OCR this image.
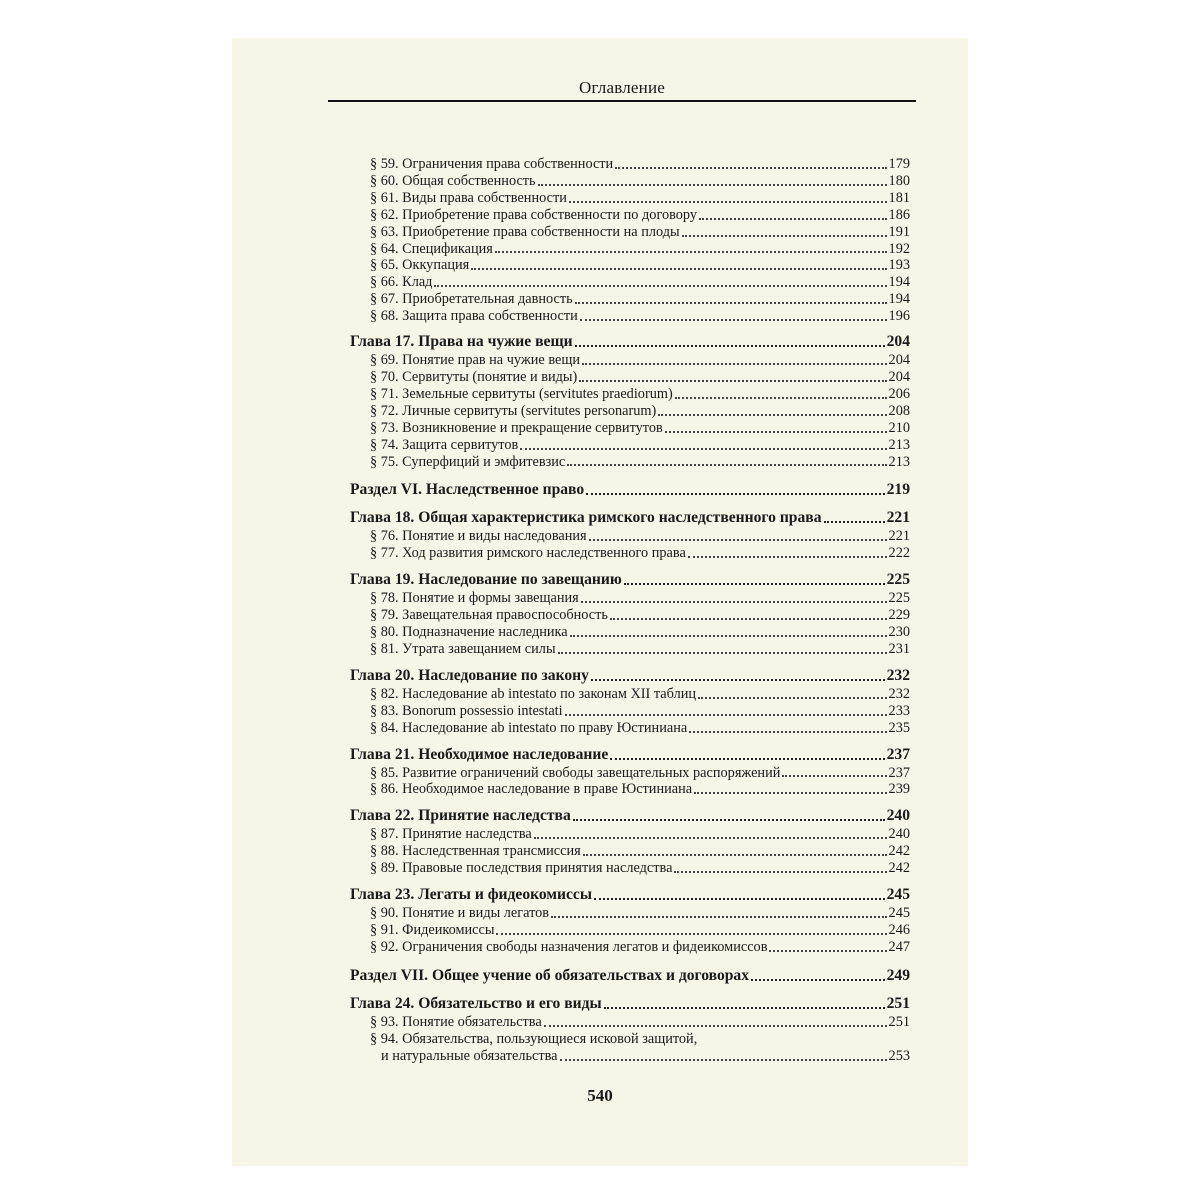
Оглавление
§ 59. Ограничения права собственности	179
§ 60. Общая собственность	180
§ 61. Виды права собственности	181
§ 62. Приобретение права собственности по договору	186
§ 63. Приобретение права собственности на плоды	191
§ 64. Спецификация	192
§ 65. Оккупация	193
§ 66. Клад	194
§ 67. Приобретательная давность	194
§ 68. Защита права собственности	196
Глава 17. Права на чужие вещи	204
§ 69. Понятие прав на чужие вещи	204
§ 70. Сервитуты (понятие и виды)	204
§ 71. Земельные сервитуты (servitutes praediorum)	206
§ 72. Личные сервитуты (servitutes personarum)	208
§ 73. Возникновение и прекращение сервитутов	210
§ 74. Защита сервитутов	213
§ 75. Суперфиций и эмфитевзис	213
Раздел VI. Наследственное право	219
Глава 18. Общая характеристика римского наследственного права	221
§ 76. Понятие и виды наследования	221
§ 77. Ход развития римского наследственного права	222
Глава 19. Наследование по завещанию	225
§ 78. Понятие и формы завещания	225
§ 79. Завещательная правоспособность	229
§ 80. Подназначение наследника	230
§ 81. Утрата завещанием силы	231
Глава 20. Наследование по закону	232
§ 82. Наследование ab intestato по законам XII таблиц	232
§ 83. Bonorum possessio intestati	233
§ 84. Наследование ab intestato по праву Юстиниана	235
Глава 21. Необходимое наследование	237
§ 85. Развитие ограничений свободы завещательных распоряжений	237
§ 86. Необходимое наследование в праве Юстиниана	239
Глава 22. Принятие наследства	240
§ 87. Принятие наследства	240
§ 88. Наследственная трансмиссия	242
§ 89. Правовые последствия принятия наследства	242
Глава 23. Легаты и фидеокомиссы	245
§ 90. Понятие и виды легатов	245
§ 91. Фидеикомиссы	246
§ 92. Ограничения свободы назначения легатов и фидеикомиссов	247
Раздел VII. Общее учение об обязательствах и договорах	249
Глава 24. Обязательство и его виды	251
§ 93. Понятие обязательства	251
§ 94. Обязательства, пользующиеся исковой защитой,
и натуральные обязательства	253
540
